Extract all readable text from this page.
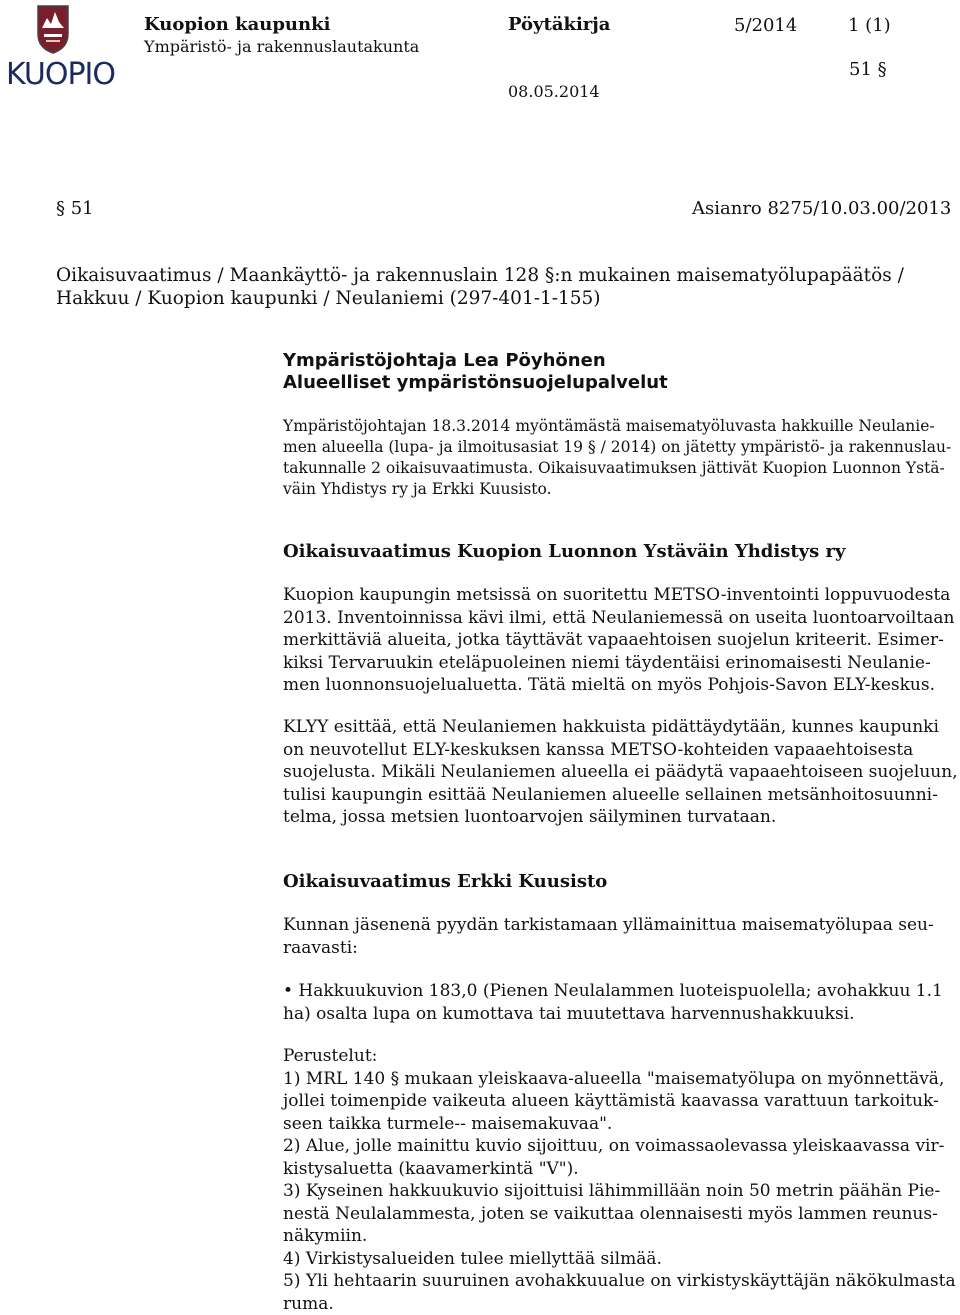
KUOPIO
Kuopion kaupunki
Ympäristö- ja rakennuslautakunta
Pöytäkirja	5/2014	1 (1)
51 §
08.05.2014
§ 51	Asianro 8275/10.03.00/2013
Oikaisuvaatimus / Maankäyttö- ja rakennuslain 128 §:n mukainen maisematyölupapäätös /
Hakkuu / Kuopion kaupunki / Neulaniemi (297-401-1-155)
Ympäristöjohtaja Lea Pöyhönen
Alueelliset ympäristönsuojelupalvelut
Ympäristöjohtajan 18.3.2014 myöntämästä maisematyöluvasta hakkuille Neulanie-
men alueella (lupa- ja ilmoitusasiat 19 § / 2014) on jätetty ympäristö- ja rakennuslau-
takunnalle 2 oikaisuvaatimusta. Oikaisuvaatimuksen jättivät Kuopion Luonnon Ystä-
väin Yhdistys ry ja Erkki Kuusisto.
Oikaisuvaatimus Kuopion Luonnon Ystäväin Yhdistys ry
Kuopion kaupungin metsissä on suoritettu METSO-inventointi loppuvuodesta
2013. Inventoinnissa kävi ilmi, että Neulaniemessä on useita luontoarvoiltaan
merkittäviä alueita, jotka täyttävät vapaaehtoisen suojelun kriteerit. Esimer-
kiksi Tervaruukin eteläpuoleinen niemi täydentäisi erinomaisesti Neulanie-
men luonnonsuojelualuetta. Tätä mieltä on myös Pohjois-Savon ELY-keskus.
KLYY esittää, että Neulaniemen hakkuista pidättäydytään, kunnes kaupunki
on neuvotellut ELY-keskuksen kanssa METSO-kohteiden vapaaehtoisesta
suojelusta. Mikäli Neulaniemen alueella ei päädytä vapaaehtoiseen suojeluun,
tulisi kaupungin esittää Neulaniemen alueelle sellainen metsänhoitosuunni-
telma, jossa metsien luontoarvojen säilyminen turvataan.
Oikaisuvaatimus Erkki Kuusisto
Kunnan jäsenenä pyydän tarkistamaan yllämainittua maisematyölupaa seu-
raavasti:
• Hakkuukuvion 183,0 (Pienen Neulalammen luoteispuolella; avohakkuu 1.1
ha) osalta lupa on kumottava tai muutettava harvennushakkuuksi.
Perustelut:
1) MRL 140 § mukaan yleiskaava-alueella "maisematyölupa on myönnettävä,
jollei toimenpide vaikeuta alueen käyttämistä kaavassa varattuun tarkoituk-
seen taikka turmele-- maisemakuvaa".
2) Alue, jolle mainittu kuvio sijoittuu, on voimassaolevassa yleiskaavassa vir-
kistysaluetta (kaavamerkintä "V").
3) Kyseinen hakkuukuvio sijoittuisi lähimmillään noin 50 metrin päähän Pie-
nestä Neulalammesta, joten se vaikuttaa olennaisesti myös lammen reunus-
näkymiin.
4) Virkistysalueiden tulee miellyttää silmää.
5) Yli hehtaarin suuruinen avohakkuualue on virkistyskäyttäjän näkökulmasta
ruma.
